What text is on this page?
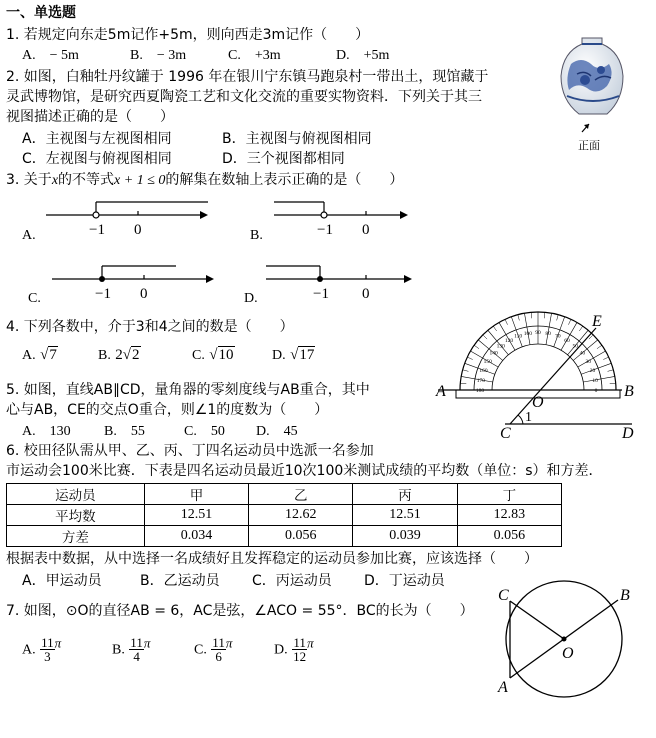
一、单选题
1. 若规定向东走5m记作+5m，则向西走3m记作（　　）
A.　− 5m	B.　− 3m	C.　+3m	D.　+5m
2. 如图，白釉牡丹纹罐于 1996 年在银川宁东镇马跑泉村一带出土，现馆藏于
灵武博物馆，是研究西夏陶瓷工艺和文化交流的重要实物资料．下列关于其三
视图描述正确的是（　　）
A．主视图与左视图相同	B．主视图与俯视图相同
C．左视图与俯视图相同	D．三个视图都相同
正面
3. 关于x的不等式x + 1 ≤ 0的解集在数轴上表示正确的是（　　）
A.	−1 0	B.	−1 0
C.	−1 0	D.	−1 0
4. 下列各数中，介于3和4之间的数是（　　）
A. √7	B. 2√2	C. √10	D. √17
5. 如图，直线AB∥CD，量角器的零刻度线与AB重合，其中
心与AB，CE的交点O重合，则∠1的度数为（　　）
A.　130 B.　55	C.　50 D.　45
0
10
20
30
40
50
60
70
80
90
100
110
120
130
140
150
160
170
180
A	B
C	D
E
O
1
6. 校田径队需从甲、乙、丙、丁四名运动员中选派一名参加
市运动会100米比赛．下表是四名运动员最近10次100米测试成绩的平均数（单位：s）和方差．
运动员	甲	乙	丙	丁
平均数	12.51	12.62	12.51	12.83
方差	0.034	0.056	0.039	0.056
根据表中数据，从中选择一名成绩好且发挥稳定的运动员参加比赛，应该选择（　　）
A．甲运动员	B．乙运动员 C．丙运动员 D．丁运动员
7. 如图，⊙O的直径AB = 6，AC是弦，∠ACO = 55°．BC的长为（　　）
A. $\frac{11}{3}$ π	B. $\frac{11}{4}$ π	C. $\frac{11}{6}$ π	D. $\frac{11}{12}$ π
C	B
A
O
